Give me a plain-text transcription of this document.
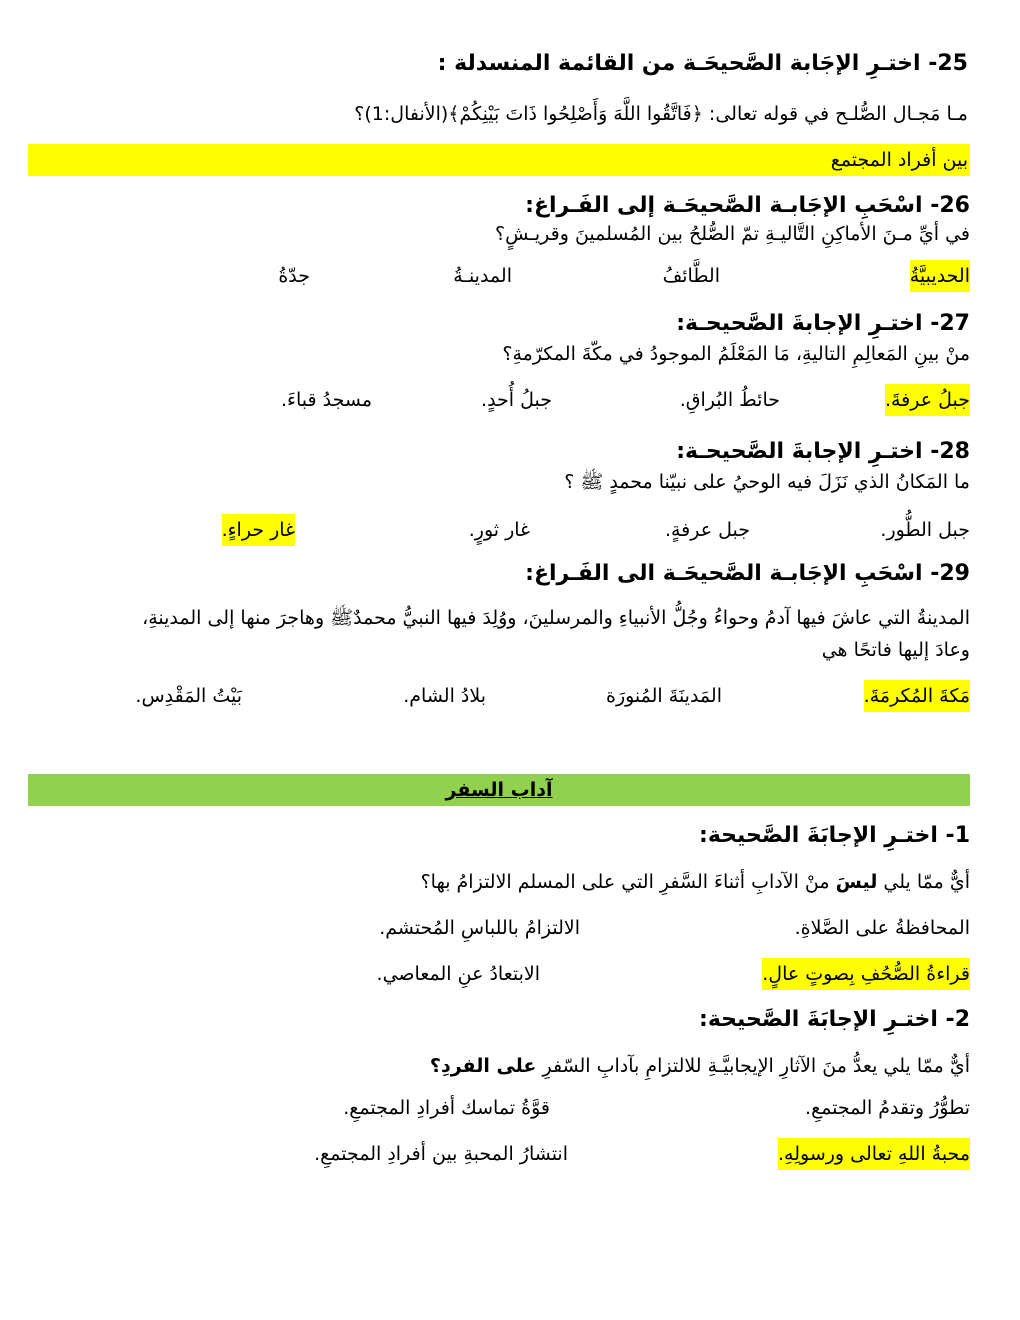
25- اختـرِ الإجَابة الصَّحيحَـة من القائمة المنسدلة :
مـا مَجـال الصُّلـح في قوله تعالى: ﴿فَاتَّقُوا اللَّهَ وَأَصْلِحُوا ذَاتَ بَيْنِكُمْ﴾(الأنفال:1)؟
بين أفراد المجتمع
26- اسْحَبِ الإجَابـة الصَّحيحَـة إلى الفَـراغ:
في أيِّ مـنَ الأماكِنِ التَّاليـةِ تمّ الصُّلحُ بين المُسلمينَ وقريـشٍ؟
الحديبيَّةُ
الطَّائفُ
المدينـةُ
جدّةُ
27- اختـرِ الإجابةَ الصَّحيحـة:
منْ بينِ المَعالِمِ التاليةِ، مَا المَعْلَمُ الموجودُ في مكّةَ المكرّمةِ؟
جبلُ عرفةَ.
حائطُ البُراقِ.
جبلُ أُحدٍ.
مسجدُ قباءَ.
28- اختـرِ الإجابةَ الصَّحيحـة:
ما المَكانُ الذي نَزَلَ فيه الوحيُ على نبيّنا محمدٍ ﷺ ؟
جبل الطُّور.
جبل عرفةٍ.
غار ثورٍ.
غار حراءٍ.
29- اسْحَبِ الإجَابـة الصَّحيحَـة الى الفَـراغ:
المدينةُ التي عاشَ فيها آدمُ وحواءُ وجُلُّ الأنبياءِ والمرسلينَ، ووُلِدَ فيها النبيُّ محمدٌﷺ وهاجرَ منها إلى المدينةِ،
وعادَ إليها فاتحًا هي
مَكةَ المُكرمَةَ.
المَدينَةَ المُنورَة
بلادُ الشام.
بَيْتُ المَقْدِس.
آداب السفر
1- اختـرِ الإجابَةَ الصَّحيحة:
أيٌّ ممّا يلي ليسَ منْ الآدابِ أثناءَ السَّفرِ التي على المسلم الالتزامُ بها؟
المحافظةُ على الصَّلاةِ.
الالتزامُ باللباسِ المُحتشم.
قراءةُ الصُّحُفِ بِصوتٍ عالٍ.
الابتعادُ عنِ المعاصي.
2- اختـرِ الإجابَةَ الصَّحيحة:
أيٌّ ممّا يلي يعدُّ منَ الآثارِ الإيجابيَّـةِ للالتزامِ بآدابِ السّفرِ على الفردِ؟
تطوُّرُ وتقدمُ المجتمعِ.
قوَّةُ تماسك أفرادِ المجتمعِ.
محبةُ اللهِ تعالى ورسولِهِ.
انتشارُ المحبةِ بين أفرادِ المجتمعِ.
